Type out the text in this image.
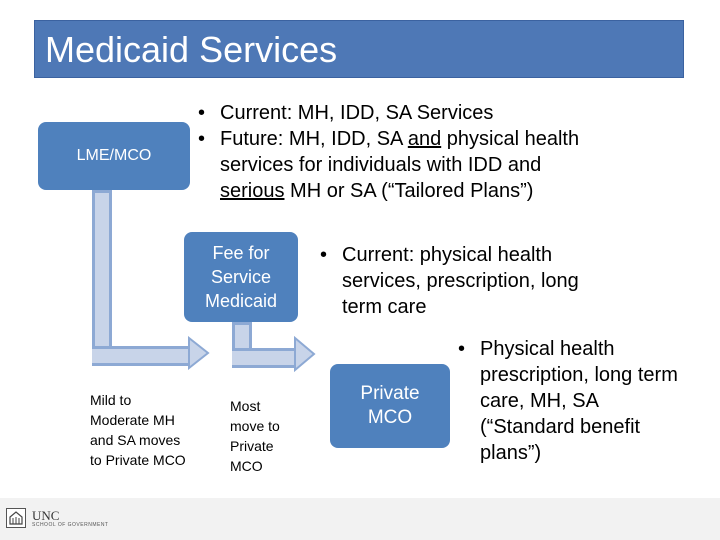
Medicaid Services
LME/MCO
• Current: MH, IDD, SA Services
• Future: MH, IDD, SA and physical health services for individuals with IDD and serious MH or SA (“Tailored Plans”)
Fee for
Service
Medicaid
• Current: physical health services, prescription, long term care
Mild to
Moderate MH
and SA moves
to Private MCO
Most
move to
Private
MCO
Private
MCO
• Physical health prescription, long term care, MH, SA (“Standard benefit plans”)
UNC
SCHOOL OF GOVERNMENT
